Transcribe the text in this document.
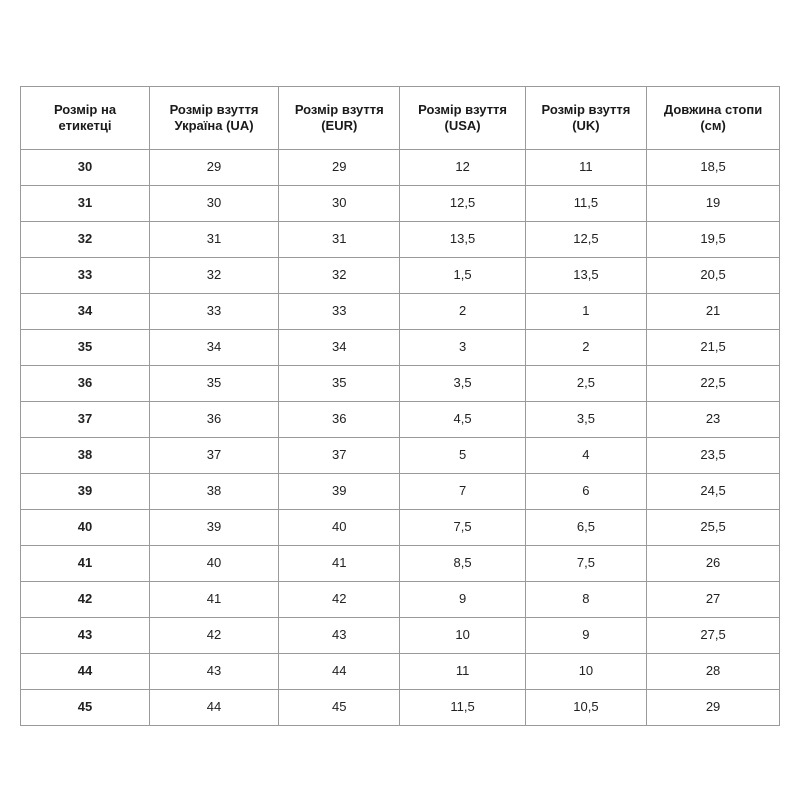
Розмір на етикетці	Розмір взуття Україна (UA)	Розмір взуття (EUR)	Розмір взуття (USA)	Розмір взуття (UK)	Довжина стопи (см)
30	29	29	12	11	18,5
31	30	30	12,5	11,5	19
32	31	31	13,5	12,5	19,5
33	32	32	1,5	13,5	20,5
34	33	33	2	1	21
35	34	34	3	2	21,5
36	35	35	3,5	2,5	22,5
37	36	36	4,5	3,5	23
38	37	37	5	4	23,5
39	38	39	7	6	24,5
40	39	40	7,5	6,5	25,5
41	40	41	8,5	7,5	26
42	41	42	9	8	27
43	42	43	10	9	27,5
44	43	44	11	10	28
45	44	45	11,5	10,5	29
